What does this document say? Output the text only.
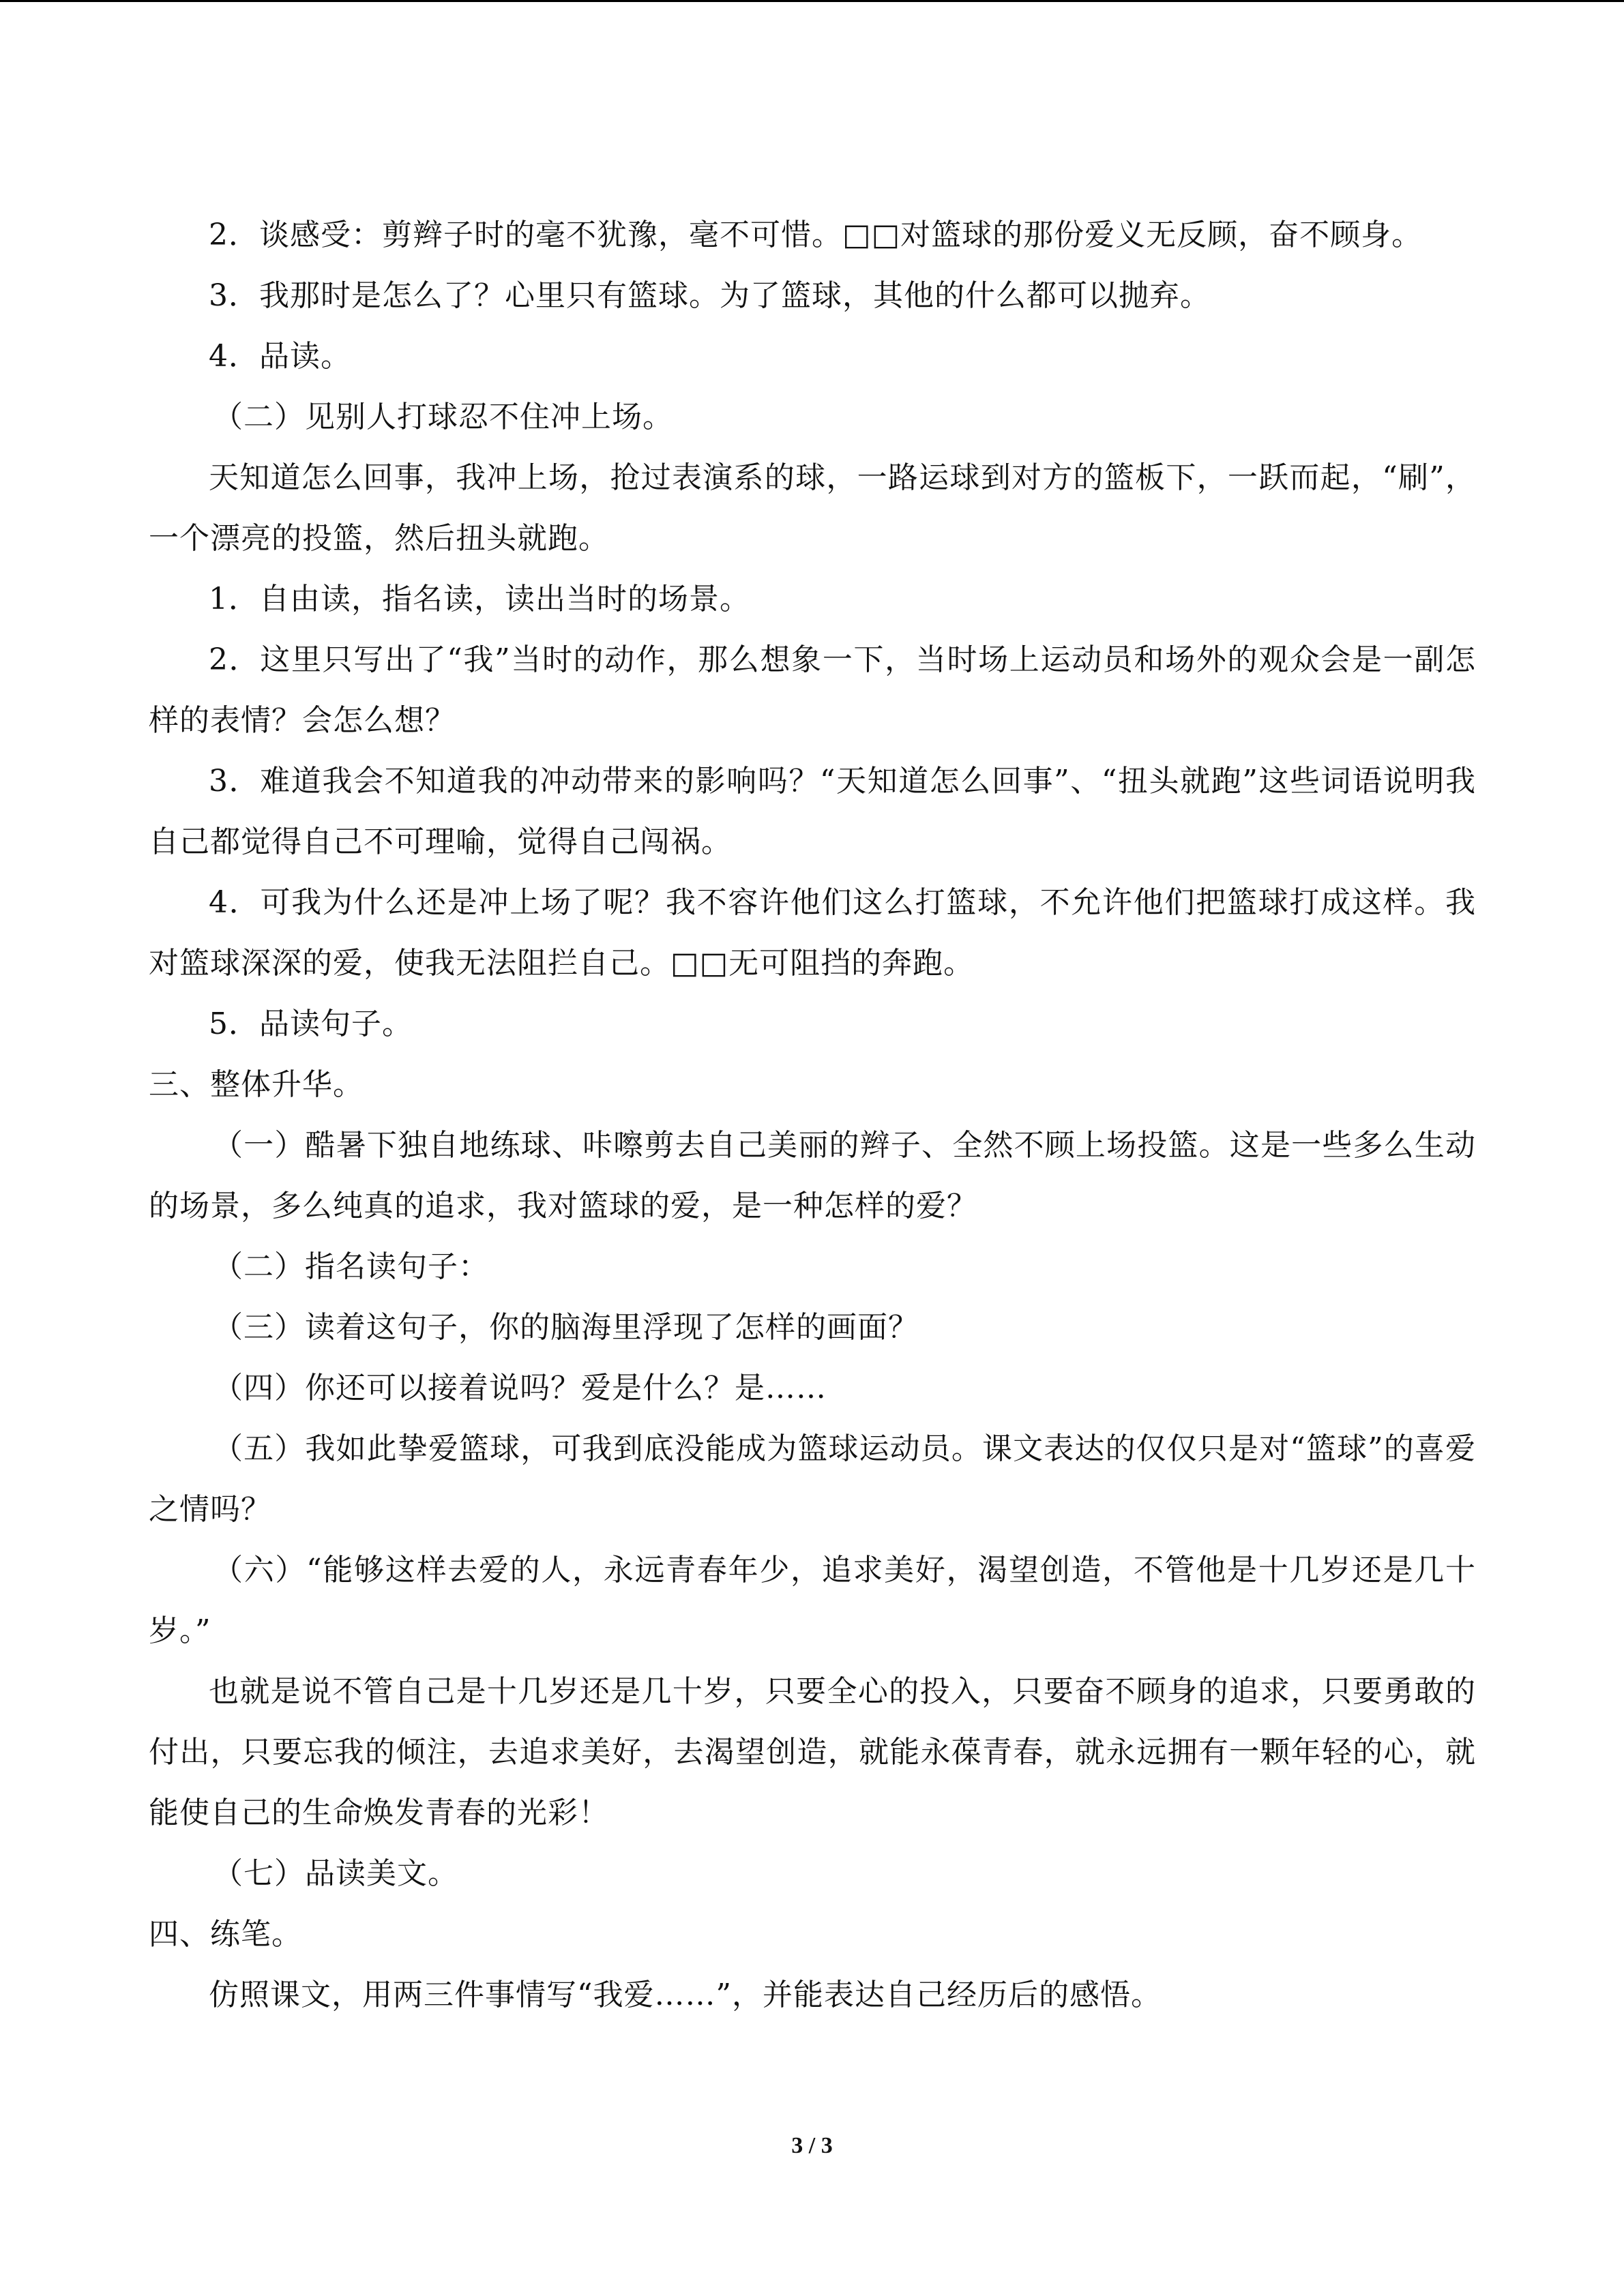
2．谈感受：剪辫子时的毫不犹豫，毫不可惜。□□对篮球的那份爱义无反顾，奋不顾身。

3．我那时是怎么了？心里只有篮球。为了篮球，其他的什么都可以抛弃。

4．品读。

（二）见别人打球忍不住冲上场。

天知道怎么回事，我冲上场，抢过表演系的球，一路运球到对方的篮板下，一跃而起，“刷”，一个漂亮的投篮，然后扭头就跑。

1．自由读，指名读，读出当时的场景。

2．这里只写出了“我”当时的动作，那么想象一下，当时场上运动员和场外的观众会是一副怎样的表情？会怎么想？

3．难道我会不知道我的冲动带来的影响吗？“天知道怎么回事”、“扭头就跑”这些词语说明我自己都觉得自己不可理喻，觉得自己闯祸。

4．可我为什么还是冲上场了呢？我不容许他们这么打篮球，不允许他们把篮球打成这样。我对篮球深深的爱，使我无法阻拦自己。□□无可阻挡的奔跑。

5．品读句子。

三、整体升华。

（一）酷暑下独自地练球、咔嚓剪去自己美丽的辫子、全然不顾上场投篮。这是一些多么生动的场景，多么纯真的追求，我对篮球的爱，是一种怎样的爱？

（二）指名读句子：

（三）读着这句子，你的脑海里浮现了怎样的画面？

（四）你还可以接着说吗？爱是什么？是……

（五）我如此挚爱篮球，可我到底没能成为篮球运动员。课文表达的仅仅只是对“篮球”的喜爱之情吗？

（六）“能够这样去爱的人，永远青春年少，追求美好，渴望创造，不管他是十几岁还是几十岁。”

也就是说不管自己是十几岁还是几十岁，只要全心的投入，只要奋不顾身的追求，只要勇敢的付出，只要忘我的倾注，去追求美好，去渴望创造，就能永葆青春，就永远拥有一颗年轻的心，就能使自己的生命焕发青春的光彩！

（七）品读美文。

四、练笔。

仿照课文，用两三件事情写“我爱……”，并能表达自己经历后的感悟。

3 / 3
